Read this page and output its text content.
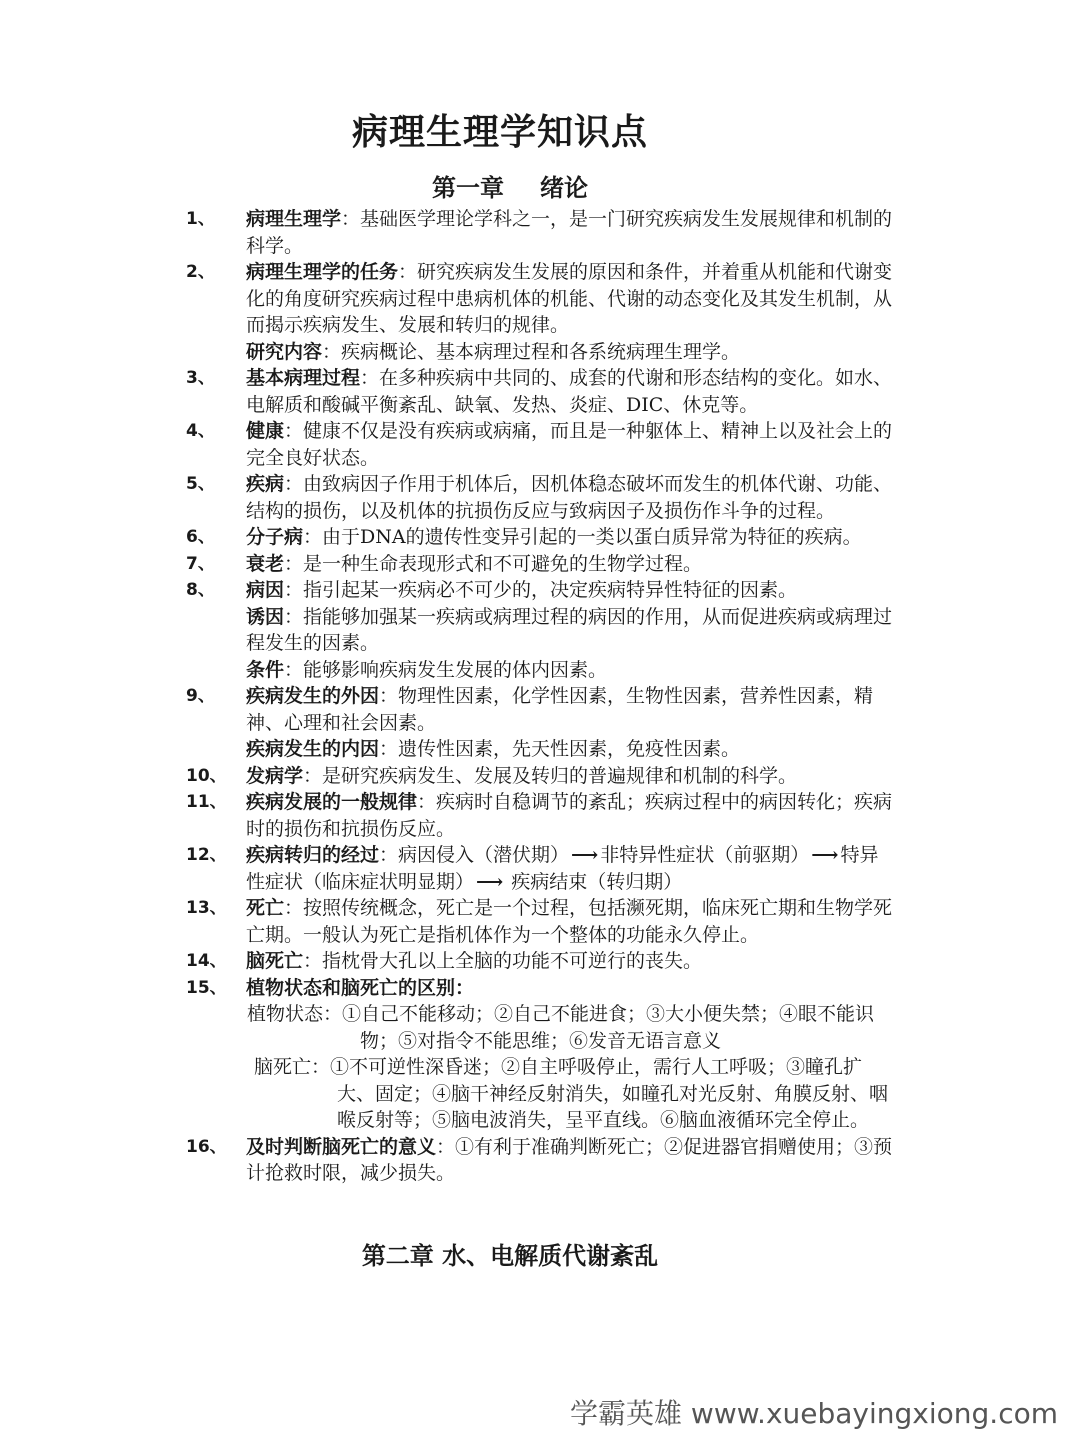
病理生理学知识点
第一章 绪论
1、 病理生理学：基础医学理论学科之一，是一门研究疾病发生发展规律和机制的科学。
2、 病理生理学的任务：研究疾病发生发展的原因和条件，并着重从机能和代谢变化的角度研究疾病过程中患病机体的机能、代谢的动态变化及其发生机制，从而揭示疾病发生、发展和转归的规律。
研究内容：疾病概论、基本病理过程和各系统病理生理学。
3、 基本病理过程：在多种疾病中共同的、成套的代谢和形态结构的变化。如水、电解质和酸碱平衡紊乱、缺氧、发热、炎症、DIC、休克等。
4、 健康：健康不仅是没有疾病或病痛，而且是一种躯体上、精神上以及社会上的完全良好状态。
5、 疾病：由致病因子作用于机体后，因机体稳态破坏而发生的机体代谢、功能、结构的损伤，以及机体的抗损伤反应与致病因子及损伤作斗争的过程。
6、 分子病：由于DNA的遗传性变异引起的一类以蛋白质异常为特征的疾病。
7、 衰老：是一种生命表现形式和不可避免的生物学过程。
8、 病因：指引起某一疾病必不可少的，决定疾病特异性特征的因素。
诱因：指能够加强某一疾病或病理过程的病因的作用，从而促进疾病或病理过程发生的因素。
条件：能够影响疾病发生发展的体内因素。
9、 疾病发生的外因：物理性因素，化学性因素，生物性因素，营养性因素，精神、心理和社会因素。
疾病发生的内因：遗传性因素，先天性因素，免疫性因素。
10、 发病学：是研究疾病发生、发展及转归的普遍规律和机制的科学。
11、 疾病发展的一般规律：疾病时自稳调节的紊乱；疾病过程中的病因转化；疾病时的损伤和抗损伤反应。
12、 疾病转归的经过：病因侵入（潜伏期） ⟶ 非特异性症状（前驱期） ⟶ 特异性症状（临床症状明显期） ⟶ 疾病结束（转归期）
13、 死亡：按照传统概念，死亡是一个过程，包括濒死期，临床死亡期和生物学死亡期。一般认为死亡是指机体作为一个整体的功能永久停止。
14、 脑死亡：指枕骨大孔以上全脑的功能不可逆行的丧失。
15、 植物状态和脑死亡的区别：
植物状态：①自己不能移动；②自己不能进食；③大小便失禁；④眼不能识物；⑤对指令不能思维；⑥发音无语言意义
脑死亡：①不可逆性深昏迷；②自主呼吸停止，需行人工呼吸；③瞳孔扩大、固定；④脑干神经反射消失，如瞳孔对光反射、角膜反射、咽喉反射等；⑤脑电波消失，呈平直线。⑥脑血液循环完全停止。
16、 及时判断脑死亡的意义：①有利于准确判断死亡；②促进器官捐赠使用；③预计抢救时限，减少损失。
第二章 水、电解质代谢紊乱
学霸英雄 www.xuebayingxiong.com
